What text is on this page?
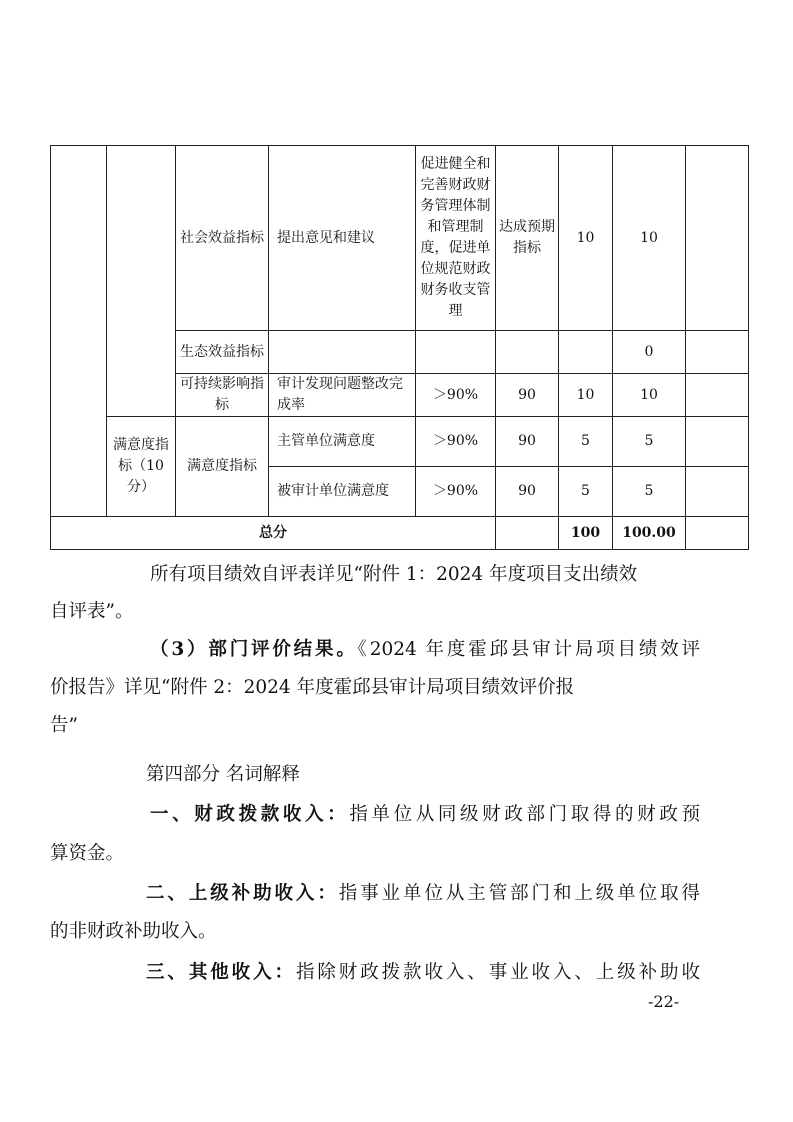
		社会效益指标	提出意见和建议	促进健全和完善财政财务管理体制和管理制度，促进单位规范财政财务收支管理	达成预期指标	10	10	
		生态效益指标					0	
		可持续影响指标	审计发现问题整改完成率	＞90%	90	10	10	
	满意度指标（10分）	满意度指标	主管单位满意度	＞90%	90	5	5	
			被审计单位满意度	＞90%	90	5	5	
总分						100	100.00	
所有项目绩效自评表详见“附件 1：2024 年度项目支出绩效
自评表”。
（3）部门评价结果。《2024 年度霍邱县审计局项目绩效评
价报告》详见“附件 2：2024 年度霍邱县审计局项目绩效评价报
告”
第四部分 名词解释
一、财政拨款收入：指单位从同级财政部门取得的财政预
算资金。
二、上级补助收入：指事业单位从主管部门和上级单位取得
的非财政补助收入。
三、其他收入：指除财政拨款收入、事业收入、上级补助收
-22-
